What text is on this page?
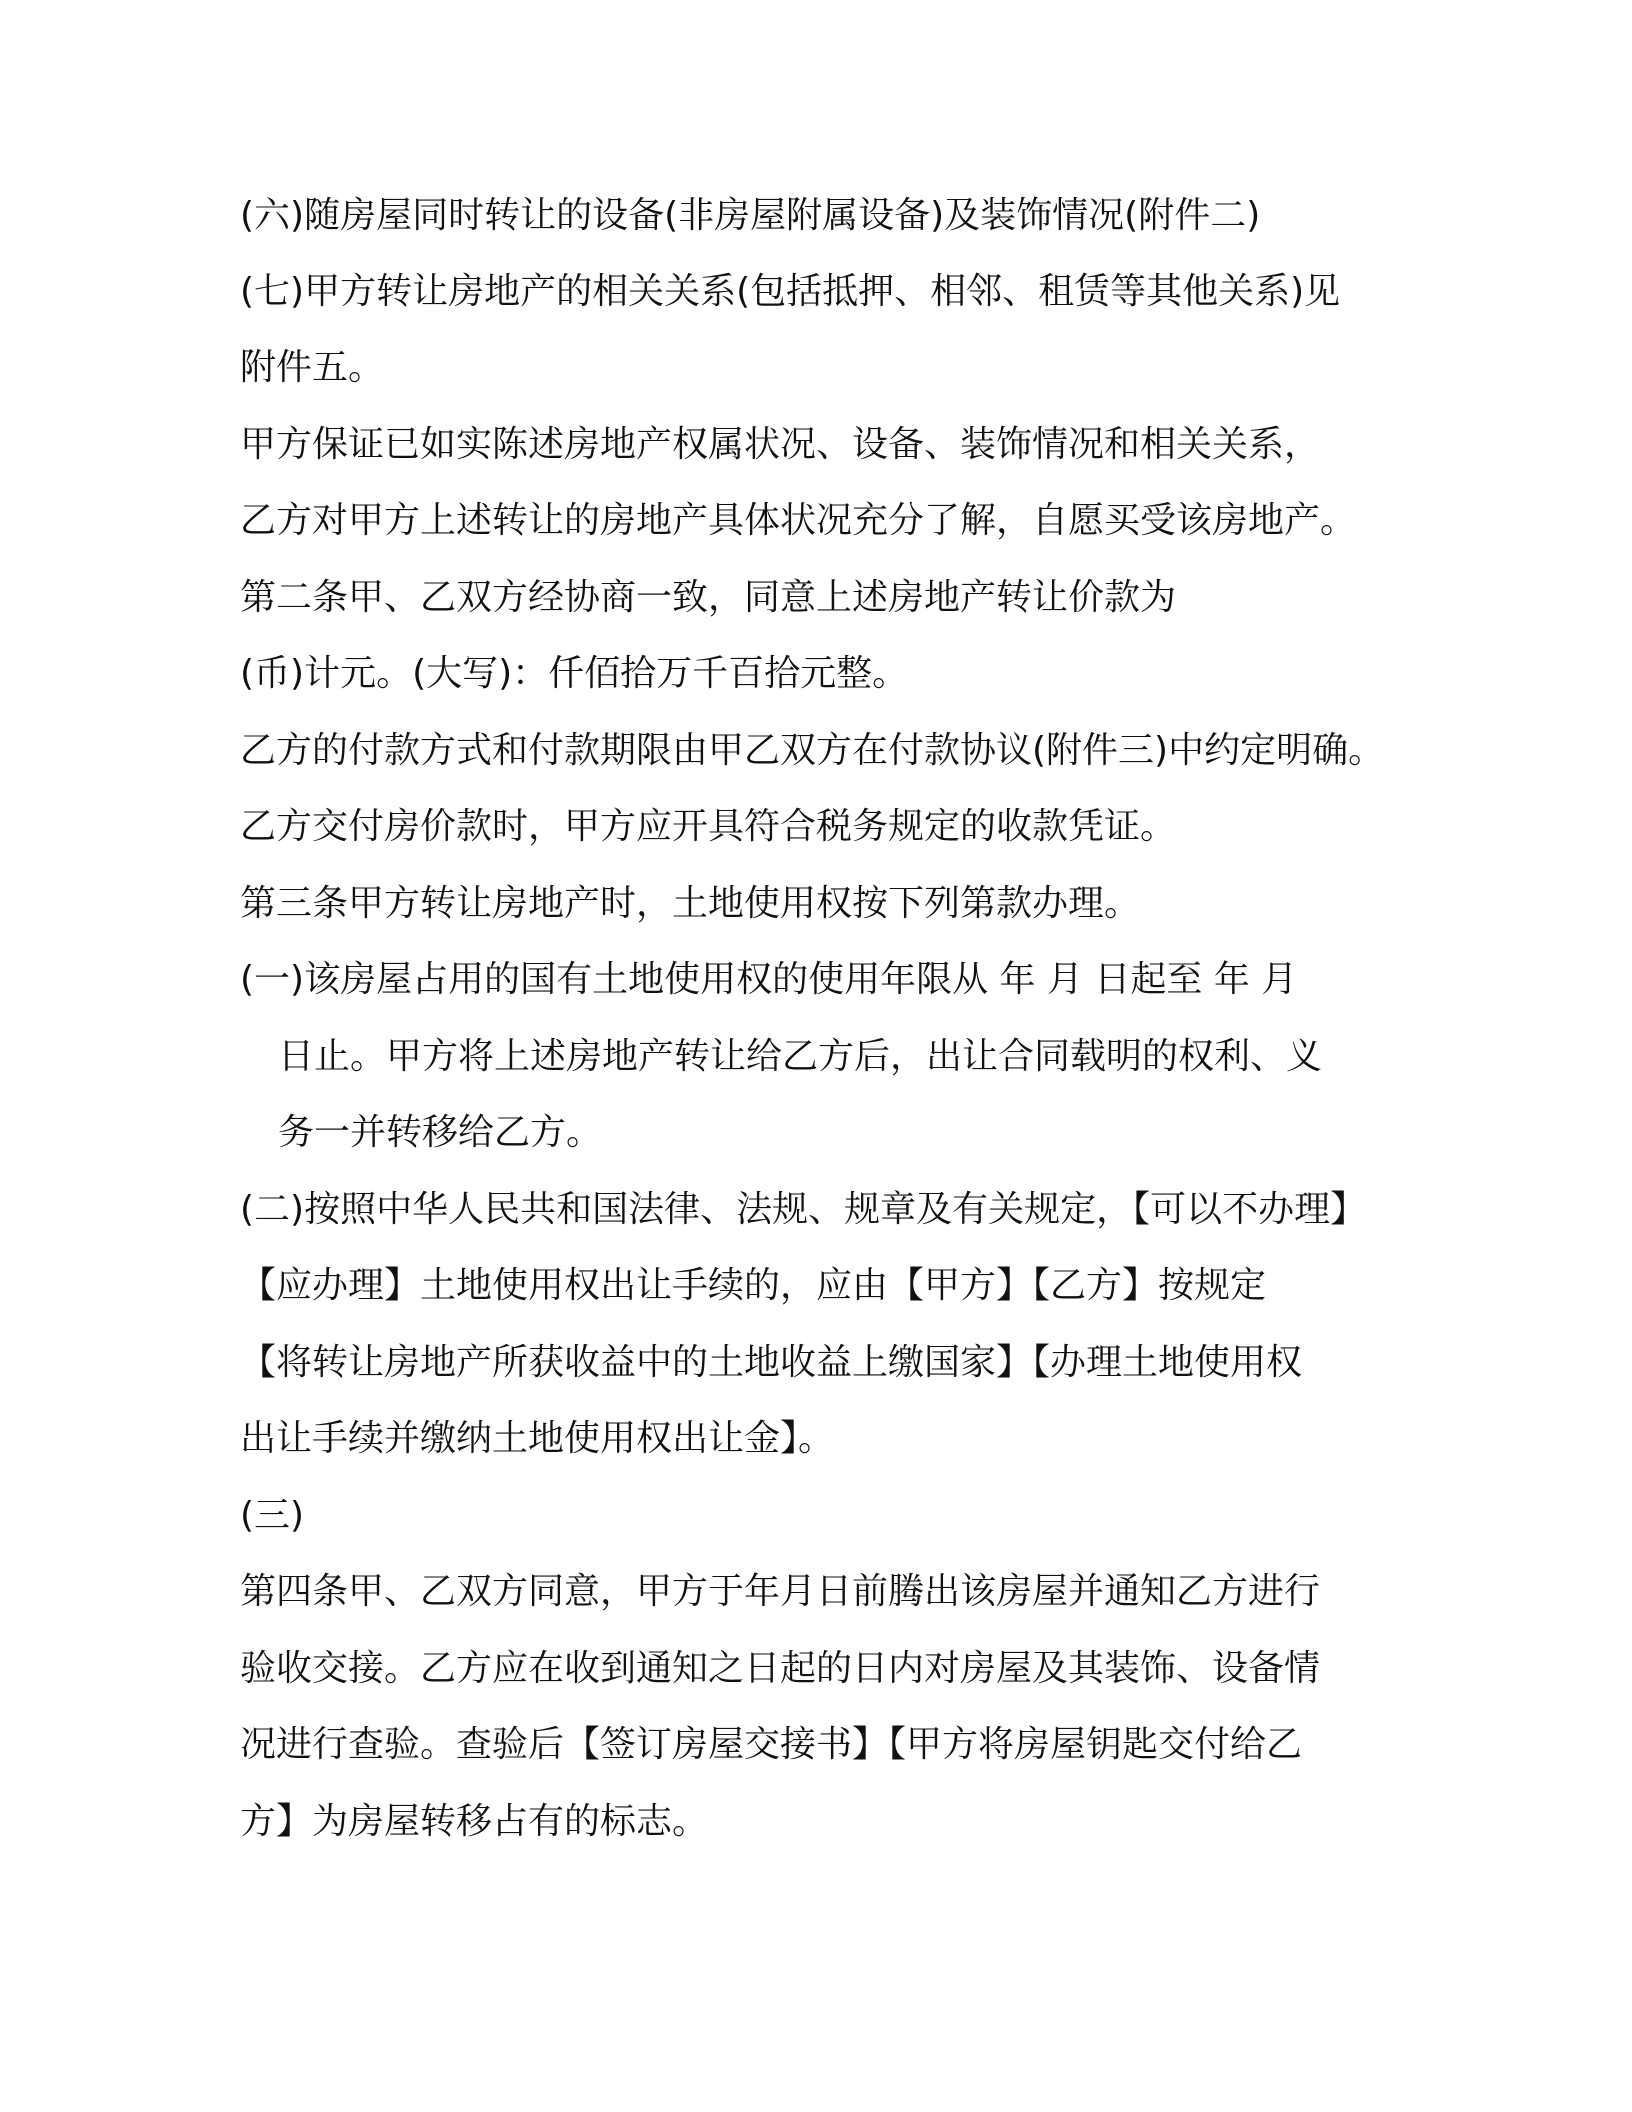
(六)随房屋同时转让的设备(非房屋附属设备)及装饰情况(附件二)
(七)甲方转让房地产的相关关系(包括抵押、相邻、租赁等其他关系)见
附件五。
甲方保证已如实陈述房地产权属状况、设备、装饰情况和相关关系，
乙方对甲方上述转让的房地产具体状况充分了解，自愿买受该房地产。
第二条甲、乙双方经协商一致，同意上述房地产转让价款为
(币)计元。(大写)：仟佰拾万千百拾元整。
乙方的付款方式和付款期限由甲乙双方在付款协议(附件三)中约定明确。
乙方交付房价款时，甲方应开具符合税务规定的收款凭证。
第三条甲方转让房地产时，土地使用权按下列第款办理。
(一)该房屋占用的国有土地使用权的使用年限从 年 月 日起至 年 月
日止。甲方将上述房地产转让给乙方后，出让合同载明的权利、义
务一并转移给乙方。
(二)按照中华人民共和国法律、法规、规章及有关规定，【可以不办理】
【应办理】土地使用权出让手续的，应由【甲方】【乙方】按规定
【将转让房地产所获收益中的土地收益上缴国家】【办理土地使用权
出让手续并缴纳土地使用权出让金】。
(三)
第四条甲、乙双方同意，甲方于年月日前腾出该房屋并通知乙方进行
验收交接。乙方应在收到通知之日起的日内对房屋及其装饰、设备情
况进行查验。查验后【签订房屋交接书】【甲方将房屋钥匙交付给乙
方】为房屋转移占有的标志。
